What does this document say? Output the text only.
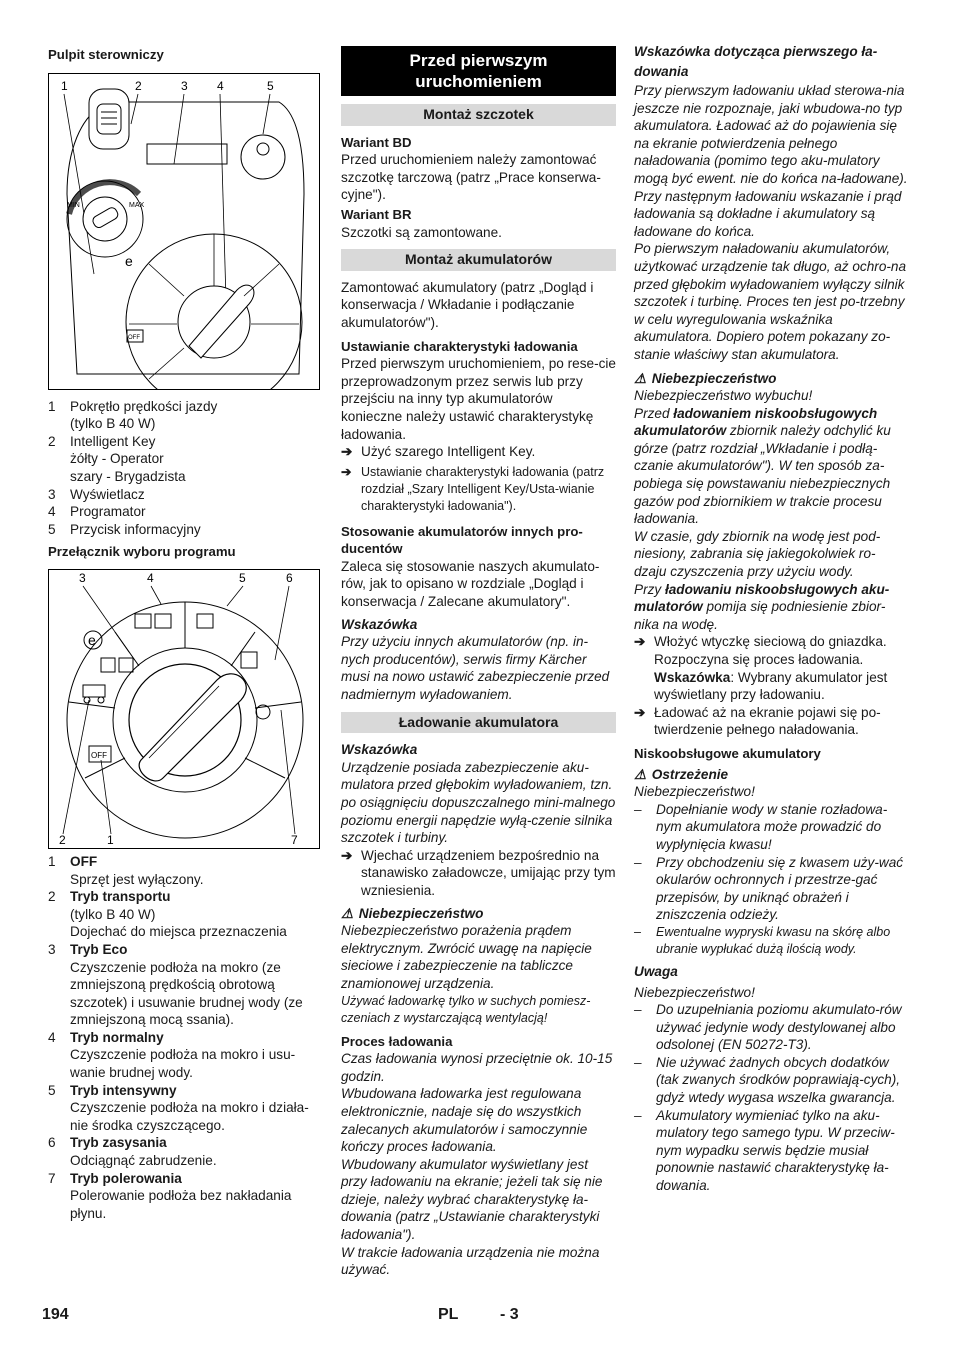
Pulpit sterowniczy

1	2	3 4	5
MIN	MAX
OFF
e
1	Pokrętło prędkości jazdy
(tylko B 40 W)
2	Intelligent Key
żółty - Operator
szary - Brygadzista
3	Wyświetlacz
4	Programator
5	Przycisk informacyjny

Przełącznik wyboru programu

3	4	5	6
2	1	7
e
OFF
1	OFF
Sprzęt jest wyłączony.
2	Tryb transportu
(tylko B 40 W)
Dojechać do miejsca przeznaczenia
3	Tryb Eco
Czyszczenie podłoża na mokro (ze zmniejszoną prędkością obrotową szczotek) i usuwanie brudnej wody (ze zmniejszoną mocą ssania).
4	Tryb normalny
Czyszczenie podłoża na mokro i usu-wanie brudnej wody.
5	Tryb intensywny
Czyszczenie podłoża na mokro i działa-nie środka czyszczącego.
6	Tryb zasysania
Odciągnąć zabrudzenie.
7	Tryb polerowania
Polerowanie podłoża bez nakładania płynu.
Przed pierwszym uruchomieniem
Montaż szczotek

Wariant BD

Przed uruchomieniem należy zamontować szczotkę tarczową (patrz „Prace konserwa-cyjne").

Wariant BR

Szczotki są zamontowane.

Montaż akumulatorów

Zamontować akumulatory (patrz „Dogląd i konserwacja / Wkładanie i podłączanie akumulatorów").

Ustawianie charakterystyki ładowania

Przed pierwszym uruchomieniem, po rese-cie przeprowadzonym przez serwis lub przy przejściu na inny typ akumulatorów konieczne należy ustawić charakterystykę ładowania.

➔ Użyć szarego Intelligent Key.
➔ Ustawianie charakterystyki ładowania (patrz rozdział „Szary Intelligent Key/Usta-wianie charakterystyki ładowania").

Stosowanie akumulatorów innych pro-ducentów

Zaleca się stosowanie naszych akumulato-rów, jak to opisano w rozdziale „Dogląd i konserwacja / Zalecane akumulatory".

Wskazówka

Przy użyciu innych akumulatorów (np. in-nych producentów), serwis firmy Kärcher musi na nowo ustawić zabezpieczenie przed nadmiernym wyładowaniem.

Ładowanie akumulatora

Wskazówka

Urządzenie posiada zabezpieczenie aku-mulatora przed głębokim wyładowaniem, tzn. po osiągnięciu dopuszczalnego mini-malnego poziomu energii napędzie wyłą-czenie silnika szczotek i turbiny.

➔ Wjechać urządzeniem bezpośrednio na stanawisko załadowcze, umijając przy tym wzniesienia.

⚠ Niebezpieczeństwo

Niebezpieczeństwo porażenia prądem elektrycznym. Zwrócić uwagę na napięcie sieciowe i zabezpieczenie na tabliczce znamionowej urządzenia.

Używać ładowarkę tylko w suchych pomiesz-czeniach z wystarczającą wentylacją!

Proces ładowania

Czas ładowania wynosi przeciętnie ok. 10-15 godzin.
Wbudowana ładowarka jest regulowana elektronicznie, nadaje się do wszystkich zalecanych akumulatorów i samoczynnie kończy proces ładowania.
Wbudowany akumulator wyświetlany jest przy ładowaniu na ekranie; jeżeli tak się nie dzieje, należy wybrać charakterystykę ła-dowania (patrz „Ustawianie charakterystyki ładowania").
W trakcie ładowania urządzenia nie można używać.

Wskazówka dotycząca pierwszego ła-dowania

Przy pierwszym ładowaniu układ sterowa-nia jeszcze nie rozpoznaje, jaki wbudowa-no typ akumulatora. Ładować aż do pojawienia się na ekranie potwierdzenia pełnego naładowania (pomimo tego aku-mulatory mogą być ewent. nie do końca na-ładowane). Przy następnym ładowaniu wskazanie i prąd ładowania są dokładne i akumulatory są ładowane do końca.
Po pierwszym naładowaniu akumulatorów, użytkować urządzenie tak długo, aż ochro-na przed głębokim wyładowaniem wyłączy silnik szczotek i turbinę. Proces ten jest po-trzebny w celu wyregulowania wskaźnika akumulatora. Dopiero potem pokazany zo-stanie właściwy stan akumulatora.

⚠ Niebezpieczeństwo

Niebezpieczeństwo wybuchu!

Przed ładowaniem niskoobsługowych akumulatorów zbiornik należy odchylić ku górze (patrz rozdział „Wkładanie i podłą-czanie akumulatorów"). W ten sposób za-pobiega się powstawaniu niebezpiecznych gazów pod zbiornikiem w trakcie procesu ładowania.

W czasie, gdy zbiornik na wodę jest pod-niesiony, zabrania się jakiegokolwiek ro-dzaju czyszczenia przy użyciu wody.

Przy ładowaniu niskoobsługowych aku-mulatorów pomija się podniesienie zbior-nika na wodę.

➔ Włożyć wtyczkę sieciową do gniazdka. Rozpoczyna się proces ładowania.
Wskazówka: Wybrany akumulator jest wyświetlany przy ładowaniu.
➔ Ładować aż na ekranie pojawi się po-twierdzenie pełnego naładowania.

Niskoobsługowe akumulatory

⚠ Ostrzeżenie

Niebezpieczeństwo!

–	Dopełnianie wody w stanie rozładowa-nym akumulatora może prowadzić do wypłynięcia kwasu!
–	Przy obchodzeniu się z kwasem uży-wać okularów ochronnych i przestrze-gać przepisów, by uniknąć obrażeń i zniszczenia odzieży.
–	Ewentualne wypryski kwasu na skórę albo ubranie wypłukać dużą ilością wody.

Uwaga

Niebezpieczeństwo!

–	Do uzupełniania poziomu akumulato-rów używać jedynie wody destylowanej albo odsolonej (EN 50272-T3).
–	Nie używać żadnych obcych dodatków (tak zwanych środków poprawiają-cych), gdyż wtedy wygasa wszelka gwarancja.
–	Akumulatory wymieniać tylko na aku-mulatory tego samego typu. W przeciw-nym wypadku serwis będzie musiał ponownie nastawić charakterystykę ła-dowania.
194	PL	- 3
